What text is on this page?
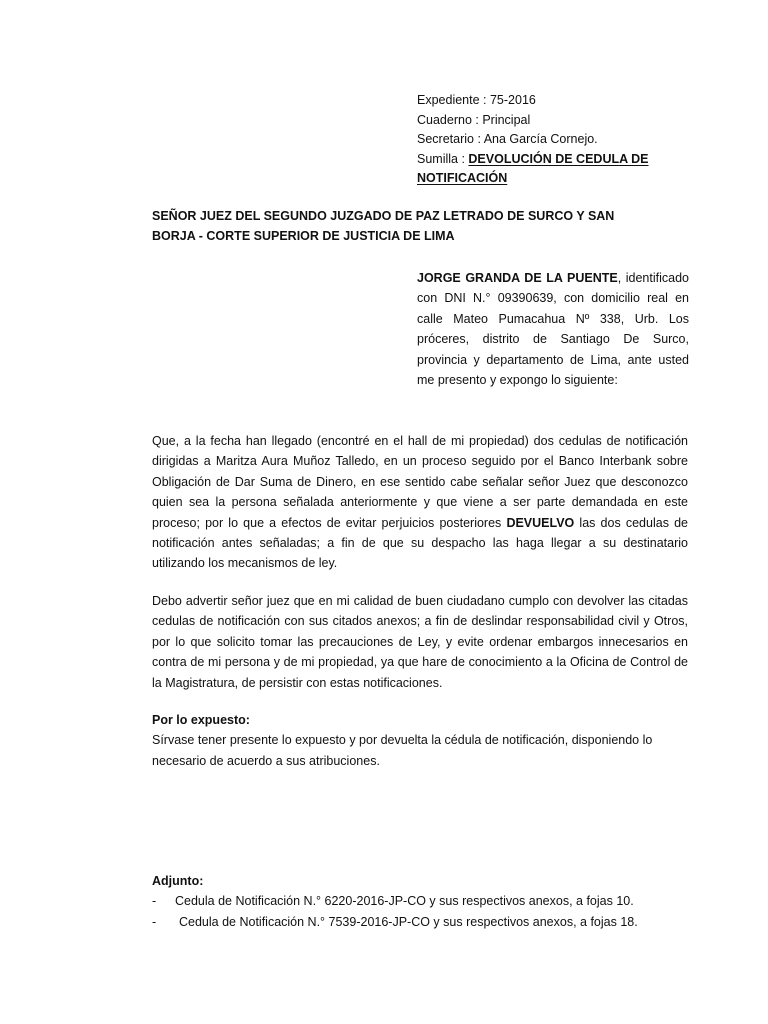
Expediente : 75-2016
Cuaderno : Principal
Secretario : Ana García Cornejo.
Sumilla : DEVOLUCIÓN DE CEDULA DE
NOTIFICACIÓN
SEÑOR JUEZ DEL SEGUNDO JUZGADO DE PAZ LETRADO DE SURCO Y SAN BORJA - CORTE SUPERIOR DE JUSTICIA DE LIMA
JORGE GRANDA DE LA PUENTE, identificado con DNI N.° 09390639, con domicilio real en calle Mateo Pumacahua Nº 338, Urb. Los próceres, distrito de Santiago De Surco, provincia y departamento de Lima, ante usted me presento y expongo lo siguiente:

Que, a la fecha han llegado (encontré en el hall de mi propiedad) dos cedulas de notificación dirigidas a Maritza Aura Muñoz Talledo, en un proceso seguido por el Banco Interbank sobre Obligación de Dar Suma de Dinero, en ese sentido cabe señalar señor Juez que desconozco quien sea la persona señalada anteriormente y que viene a ser parte demandada en este proceso; por lo que a efectos de evitar perjuicios posteriores DEVUELVO las dos cedulas de notificación antes señaladas; a fin de que su despacho las haga llegar a su destinatario utilizando los mecanismos de ley.

Debo advertir señor juez que en mi calidad de buen ciudadano cumplo con devolver las citadas cedulas de notificación con sus citados anexos; a fin de deslindar responsabilidad civil y Otros, por lo que solicito tomar las precauciones de Ley, y evite ordenar embargos innecesarios en contra de mi persona y de mi propiedad, ya que hare de conocimiento a la Oficina de Control de la Magistratura, de persistir con estas notificaciones.

Por lo expuesto:
Sírvase tener presente lo expuesto y por devuelta la cédula de notificación, disponiendo lo necesario de acuerdo a sus atribuciones.
Adjunto:
- Cedula de Notificación N.° 6220-2016-JP-CO y sus respectivos anexos, a fojas 10.
- Cedula de Notificación N.° 7539-2016-JP-CO y sus respectivos anexos, a fojas 18.
